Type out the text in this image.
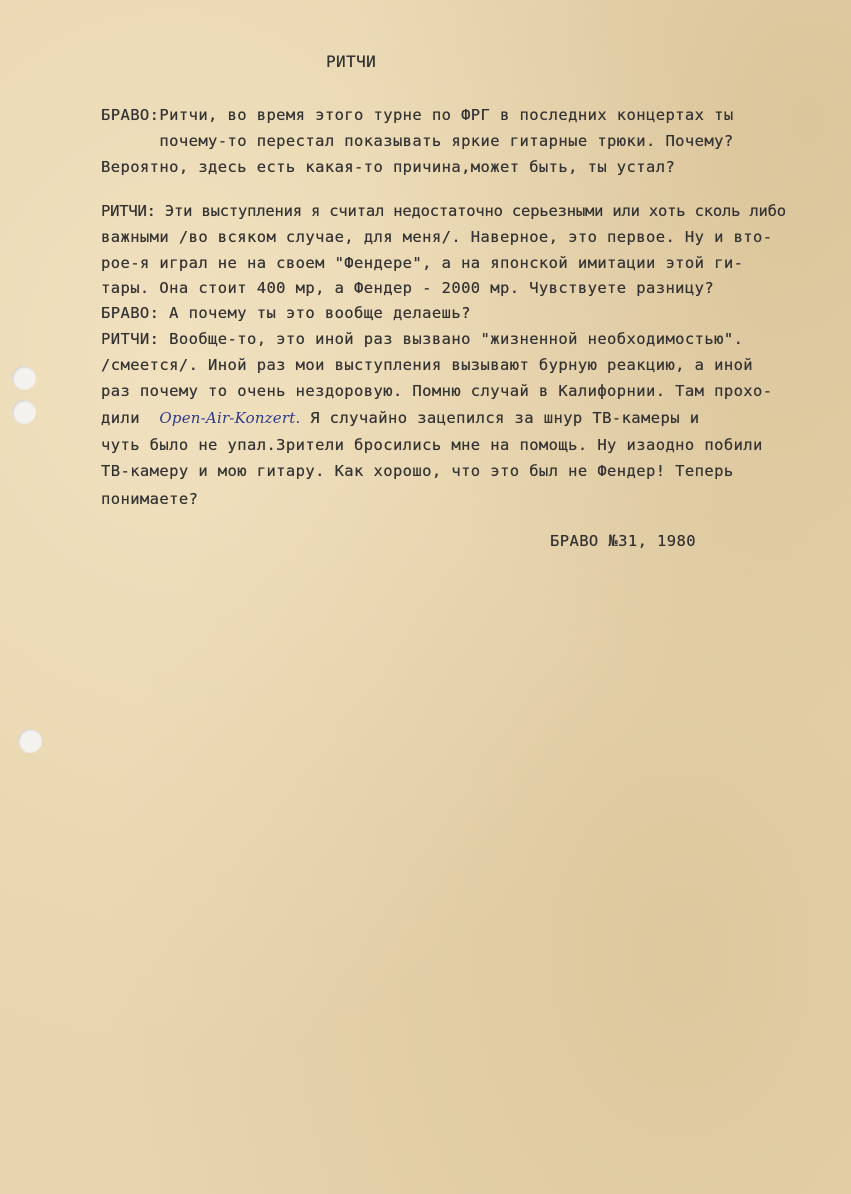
РИТЧИ
БРАВО:Ритчи, во время этого турне по ФРГ в последних концертах ты
почему-то перестал показывать яркие гитарные трюки. Почему?
Вероятно, здесь есть какая-то причина,может быть, ты устал?
РИТЧИ: Эти выступления я считал недостаточно серьезными или хоть сколь либо
важными /во всяком случае, для меня/. Наверное, это первое. Ну и вто-
рое-я играл не на своем "Фендере", а на японской имитации этой ги-
тары. Она стоит 400 мр, а Фендер - 2000 мр. Чувствуете разницу?
БРАВО: А почему ты это вообще делаешь?
РИТЧИ: Вообще-то, это иной раз вызвано "жизненной необходимостью".
/смеется/. Иной раз мои выступления вызывают бурную реакцию, а иной
раз почему то очень нездоровую. Помню случай в Калифорнии. Там прохо-
дили Open-Air-Konzert. Я случайно зацепился за шнур ТВ-камеры и
чуть было не упал.Зрители бросились мне на помощь. Ну изаодно побили
ТВ-камеру и мою гитару. Как хорошо, что это был не Фендер! Теперь
понимаете?
БРАВО №31, 1980
